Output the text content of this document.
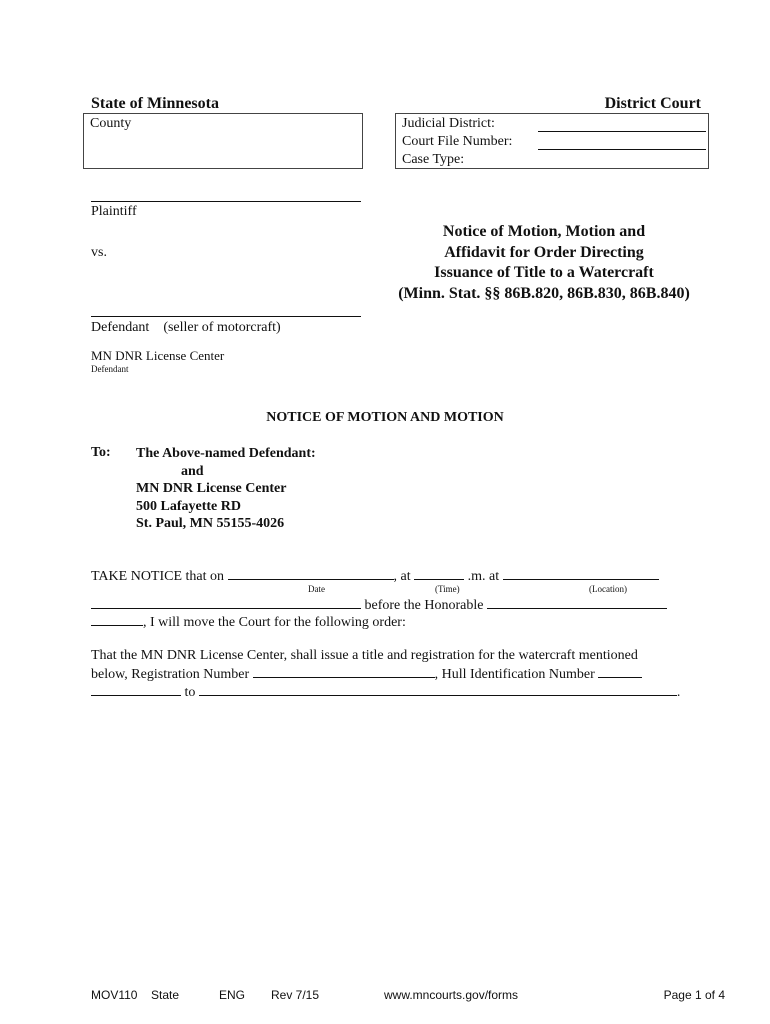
State of Minnesota	District Court
County	Judicial District:
Court File Number:
Case Type:
Plaintiff
vs.
Defendant (seller of motorcraft)
MN DNR License Center
Defendant
Notice of Motion, Motion and
Affidavit for Order Directing
Issuance of Title to a Watercraft
(Minn. Stat. §§ 86B.820, 86B.830, 86B.840)
NOTICE OF MOTION AND MOTION
To: The Above-named Defendant:
and
MN DNR License Center
500 Lafayette RD
St. Paul, MN 55155-4026
TAKE NOTICE that on	, at	.m. at
Date	(Time)	(Location)
before the Honorable
, I will move the Court for the following order:
That the MN DNR License Center, shall issue a title and registration for the watercraft mentioned
below, Registration Number	, Hull Identification Number
to	.
MOV110 State	ENG Rev 7/15	www.mncourts.gov/forms	Page 1 of 4
